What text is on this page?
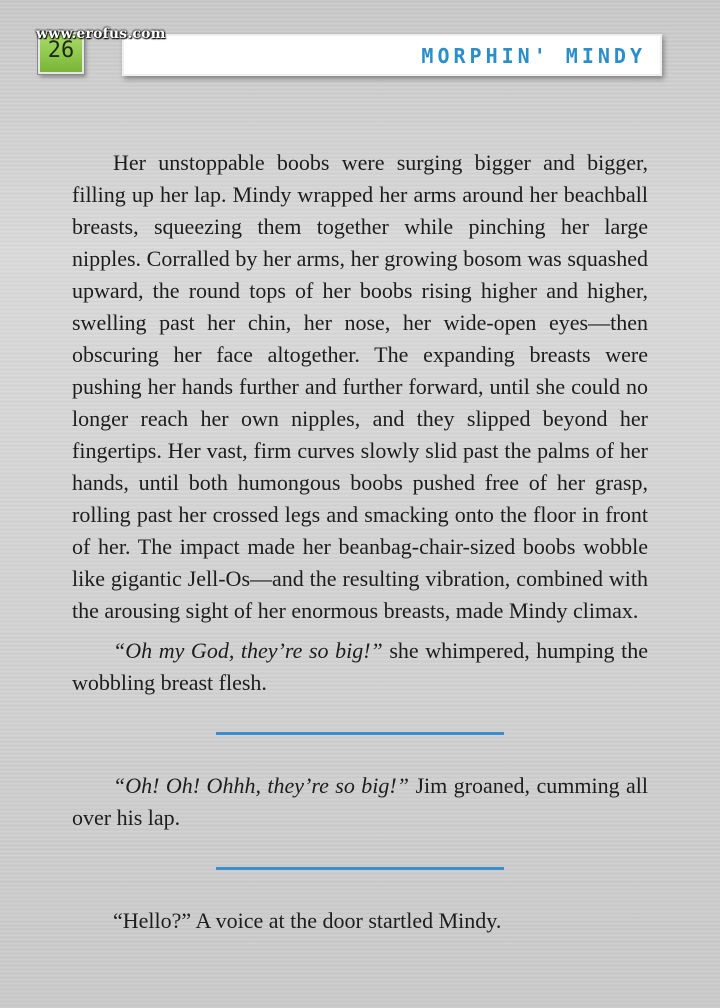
www.erofus.com
26	MORPHIN' MINDY

Her unstoppable boobs were surging bigger and bigger, filling up her lap. Mindy wrapped her arms around her beachball breasts, squeezing them together while pinching her large nipples. Corralled by her arms, her growing bosom was squashed upward, the round tops of her boobs rising higher and higher, swelling past her chin, her nose, her wide-open eyes—then obscuring her face altogether. The expanding breasts were pushing her hands further and further forward, until she could no longer reach her own nipples, and they slipped beyond her fingertips. Her vast, firm curves slowly slid past the palms of her hands, until both humongous boobs pushed free of her grasp, rolling past her crossed legs and smacking onto the floor in front of her. The impact made her beanbag-chair-sized boobs wobble like gigantic Jell-Os—and the resulting vibration, combined with the arousing sight of her enormous breasts, made Mindy climax.

“Oh my God, they’re so big!” she whimpered, humping the wobbling breast flesh.

“Oh! Oh! Ohhh, they’re so big!” Jim groaned, cumming all over his lap.

“Hello?” A voice at the door startled Mindy.
